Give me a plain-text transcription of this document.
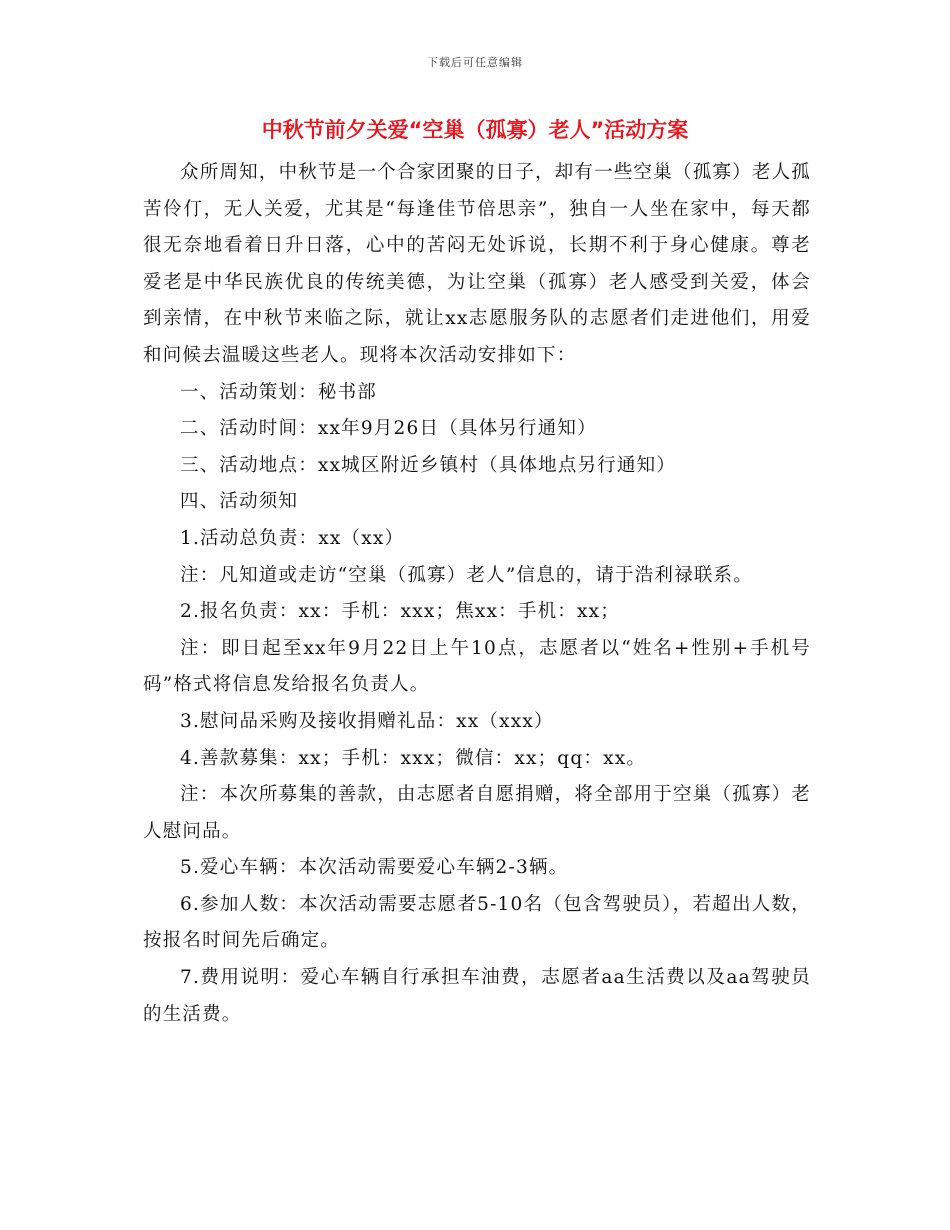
下载后可任意编辑
中秋节前夕关爱“空巢（孤寡）老人”活动方案

众所周知，中秋节是一个合家团聚的日子，却有一些空巢（孤寡）老人孤苦伶仃，无人关爱，尤其是“每逢佳节倍思亲”，独自一人坐在家中，每天都很无奈地看着日升日落，心中的苦闷无处诉说，长期不利于身心健康。尊老爱老是中华民族优良的传统美德，为让空巢（孤寡）老人感受到关爱，体会到亲情，在中秋节来临之际，就让xx志愿服务队的志愿者们走进他们，用爱和问候去温暖这些老人。现将本次活动安排如下：

一、活动策划：秘书部

二、活动时间：xx年9月26日（具体另行通知）

三、活动地点：xx城区附近乡镇村（具体地点另行通知）

四、活动须知

1.活动总负责：xx（xx）

注：凡知道或走访“空巢（孤寡）老人”信息的，请于浩利禄联系。

2.报名负责：xx：手机：xxx；焦xx：手机：xx；

注：即日起至xx年9月22日上午10点，志愿者以“姓名+性别+手机号码”格式将信息发给报名负责人。

3.慰问品采购及接收捐赠礼品：xx（xxx）

4.善款募集：xx；手机：xxx；微信：xx；qq：xx。

注：本次所募集的善款，由志愿者自愿捐赠，将全部用于空巢（孤寡）老人慰问品。

5.爱心车辆：本次活动需要爱心车辆2-3辆。

6.参加人数：本次活动需要志愿者5-10名（包含驾驶员），若超出人数，按报名时间先后确定。

7.费用说明：爱心车辆自行承担车油费，志愿者aa生活费以及aa驾驶员的生活费。
